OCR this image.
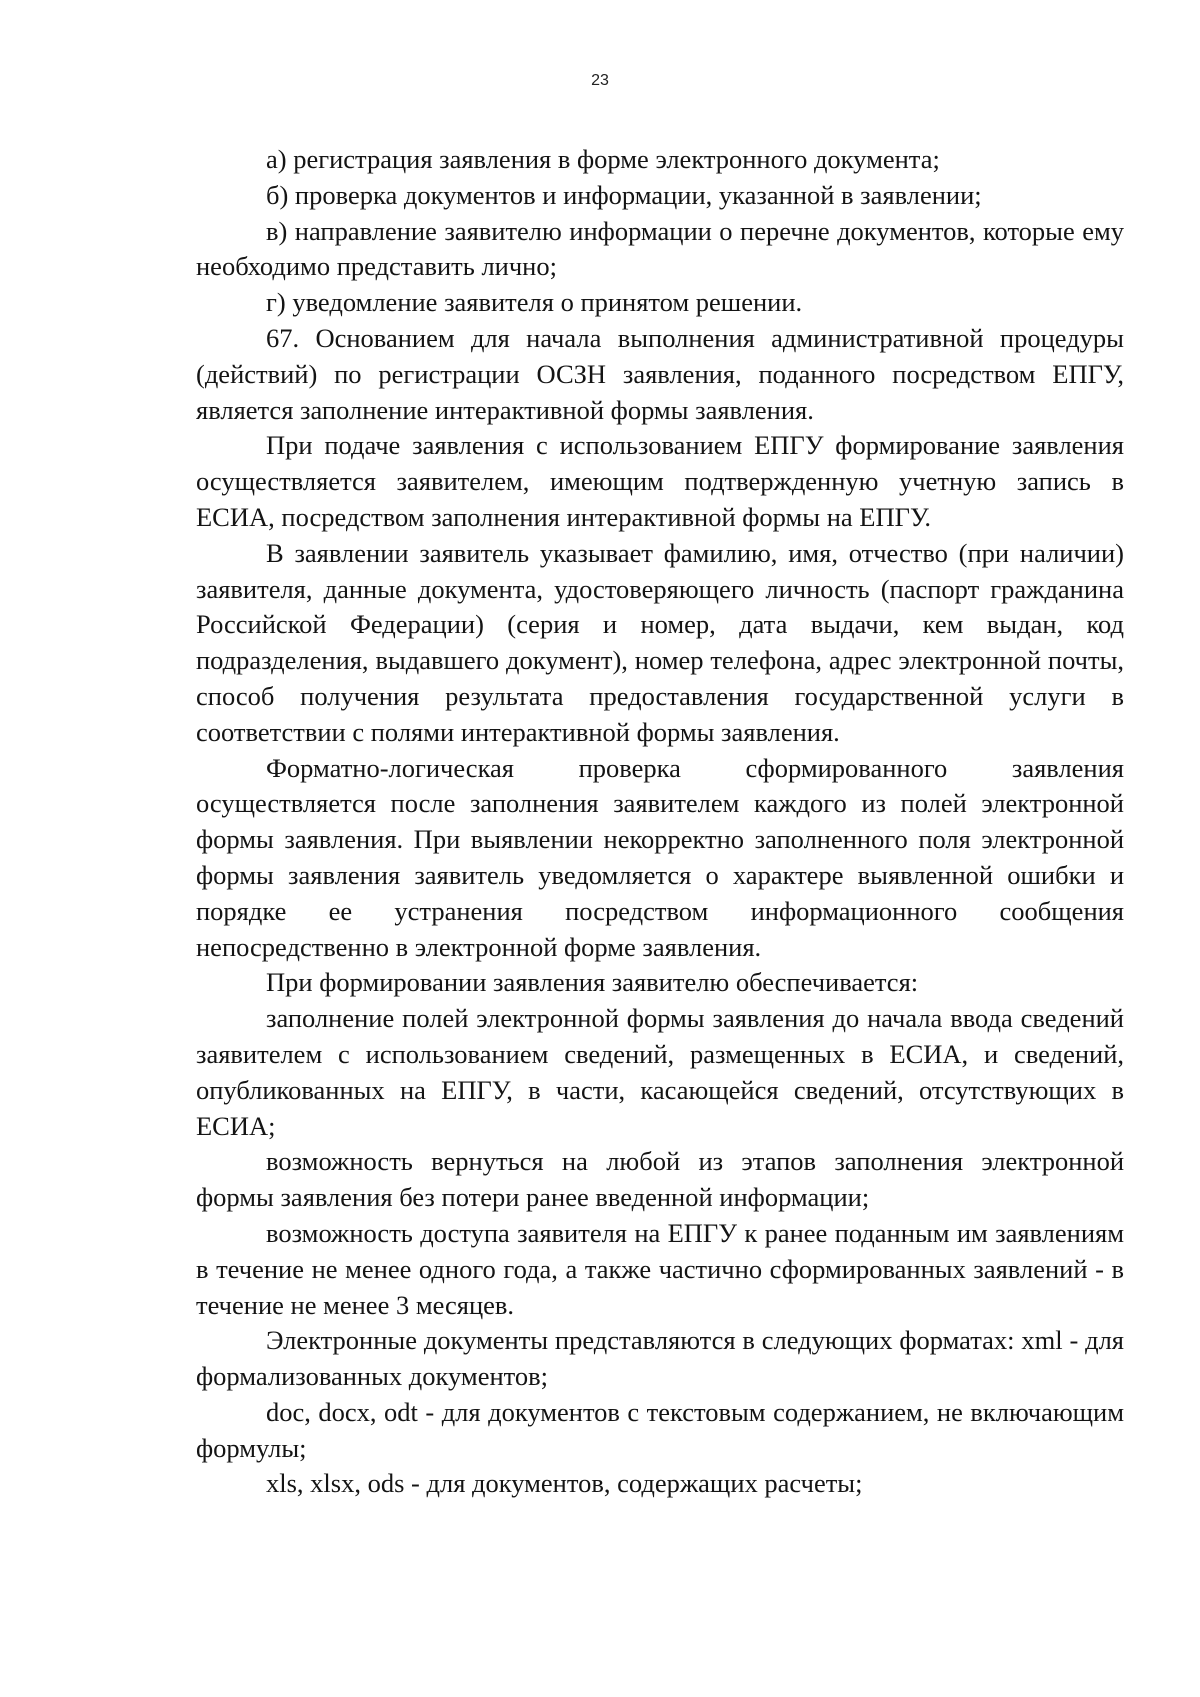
23

а) регистрация заявления в форме электронного документа;

б) проверка документов и информации, указанной в заявлении;

в) направление заявителю информации о перечне документов, которые ему необходимо представить лично;

г) уведомление заявителя о принятом решении.

67. Основанием для начала выполнения административной процедуры (действий) по регистрации ОСЗН заявления, поданного посредством ЕПГУ, является заполнение интерактивной формы заявления.

При подаче заявления с использованием ЕПГУ формирование заявления осуществляется заявителем, имеющим подтвержденную учетную запись в ЕСИА, посредством заполнения интерактивной формы на ЕПГУ.

В заявлении заявитель указывает фамилию, имя, отчество (при наличии) заявителя, данные документа, удостоверяющего личность (паспорт гражданина Российской Федерации) (серия и номер, дата выдачи, кем выдан, код подразделения, выдавшего документ), номер телефона, адрес электронной почты, способ получения результата предоставления государственной услуги в соответствии с полями интерактивной формы заявления.

Форматно-логическая проверка сформированного заявления осуществляется после заполнения заявителем каждого из полей электронной формы заявления. При выявлении некорректно заполненного поля электронной формы заявления заявитель уведомляется о характере выявленной ошибки и порядке ее устранения посредством информационного сообщения непосредственно в электронной форме заявления.

При формировании заявления заявителю обеспечивается:

заполнение полей электронной формы заявления до начала ввода сведений заявителем с использованием сведений, размещенных в ЕСИА, и сведений, опубликованных на ЕПГУ, в части, касающейся сведений, отсутствующих в ЕСИА;

возможность вернуться на любой из этапов заполнения электронной формы заявления без потери ранее введенной информации;

возможность доступа заявителя на ЕПГУ к ранее поданным им заявлениям в течение не менее одного года, а также частично сформированных заявлений - в течение не менее 3 месяцев.

Электронные документы представляются в следующих форматах: xml - для формализованных документов;

doc, docx, odt - для документов с текстовым содержанием, не включающим формулы;

xls, xlsx, ods - для документов, содержащих расчеты;
